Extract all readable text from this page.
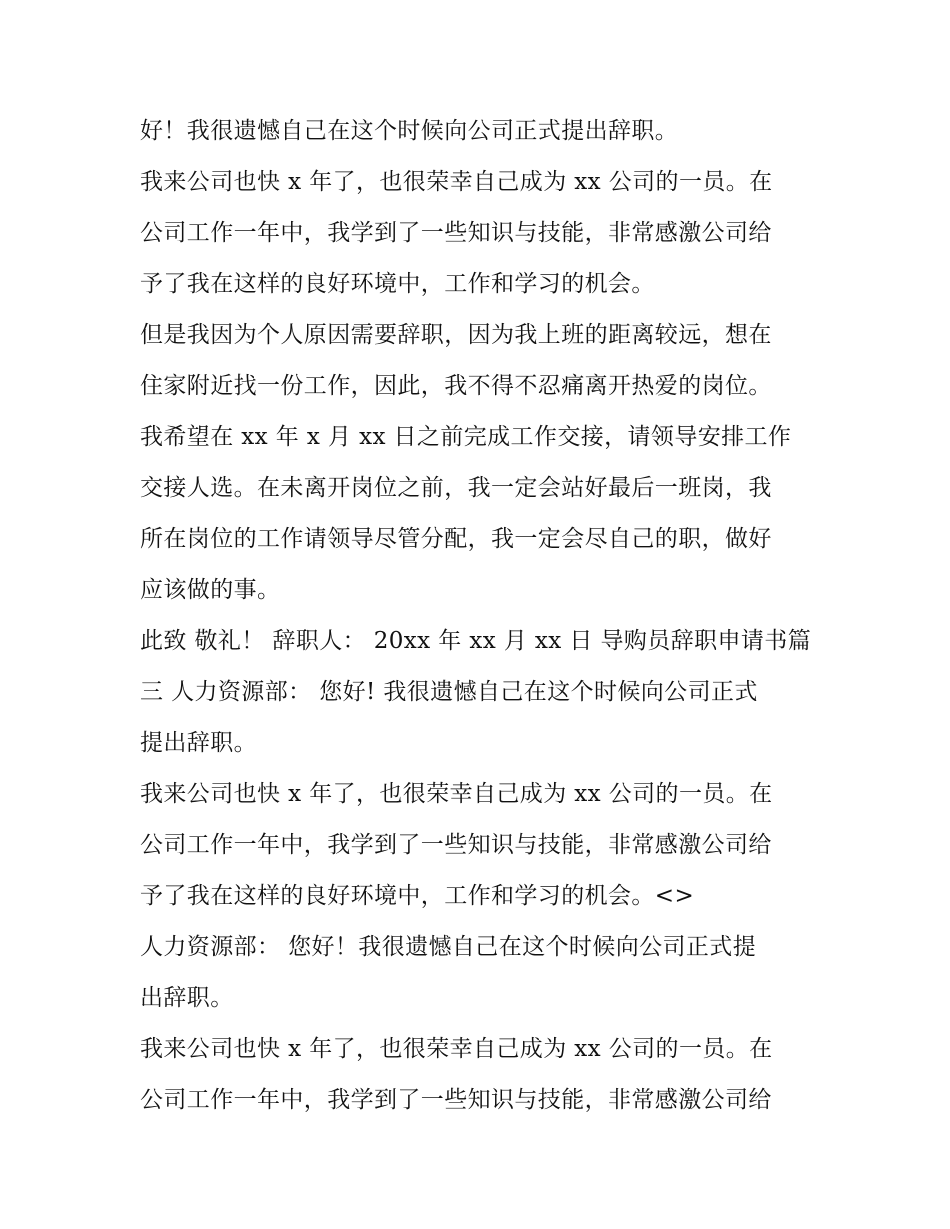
好！我很遗憾自己在这个时候向公司正式提出辞职。
我来公司也快 x 年了，也很荣幸自己成为 xx 公司的一员。在
公司工作一年中，我学到了一些知识与技能，非常感激公司给
予了我在这样的良好环境中，工作和学习的机会。
但是我因为个人原因需要辞职，因为我上班的距离较远，想在
住家附近找一份工作，因此，我不得不忍痛离开热爱的岗位。
我希望在 xx 年 x 月 xx 日之前完成工作交接，请领导安排工作
交接人选。在未离开岗位之前，我一定会站好最后一班岗，我
所在岗位的工作请领导尽管分配，我一定会尽自己的职，做好
应该做的事。
此致 敬礼！ 辞职人： 20xx 年 xx 月 xx 日 导购员辞职申请书篇
三 人力资源部： 您好! 我很遗憾自己在这个时候向公司正式
提出辞职。
我来公司也快 x 年了，也很荣幸自己成为 xx 公司的一员。在
公司工作一年中，我学到了一些知识与技能，非常感激公司给
予了我在这样的良好环境中，工作和学习的机会。<>
人力资源部： 您好！我很遗憾自己在这个时候向公司正式提
出辞职。
我来公司也快 x 年了，也很荣幸自己成为 xx 公司的一员。在
公司工作一年中，我学到了一些知识与技能，非常感激公司给
